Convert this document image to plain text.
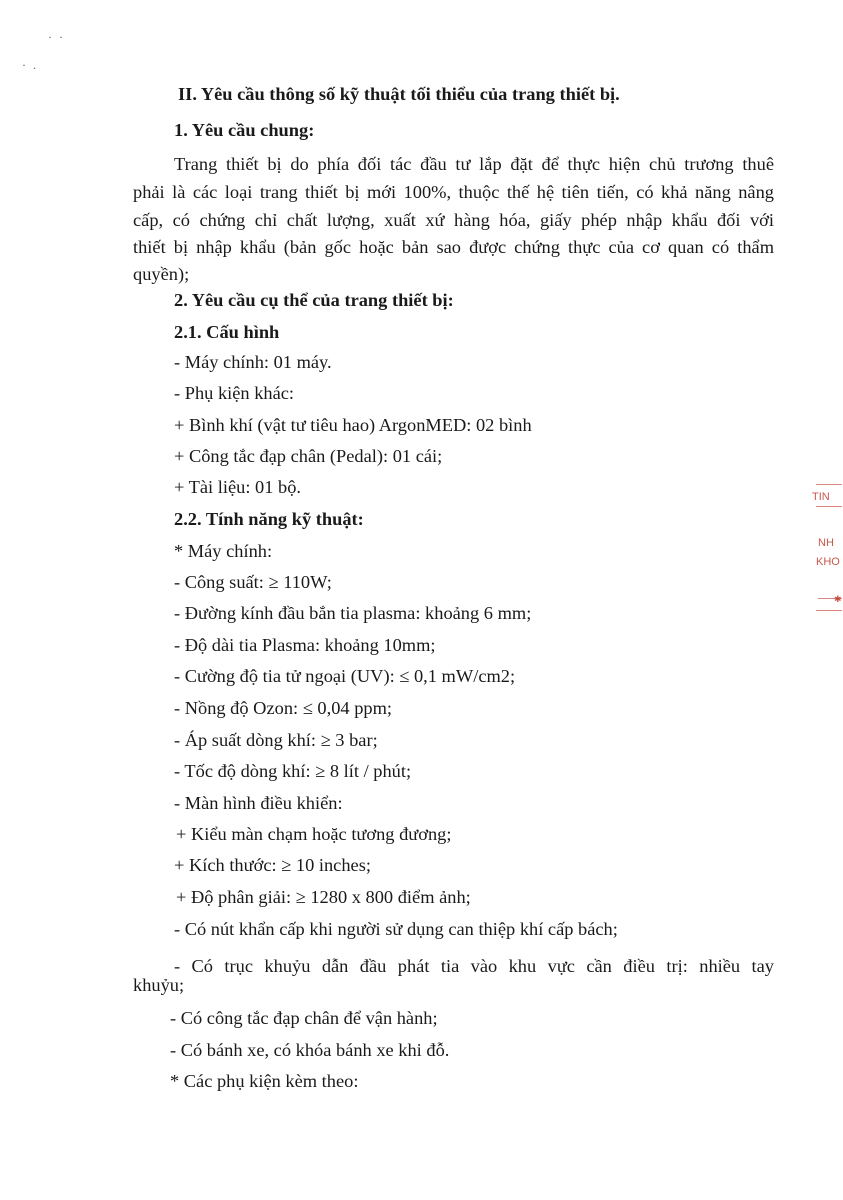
· ·
· .
II. Yêu cầu thông số kỹ thuật tối thiểu của trang thiết bị.
1. Yêu cầu chung:
Trang thiết bị do phía đối tác đầu tư lắp đặt để thực hiện chủ trương thuê
phải là các loại trang thiết bị mới 100%, thuộc thế hệ tiên tiến, có khả năng nâng
cấp, có chứng chỉ chất lượng, xuất xứ hàng hóa, giấy phép nhập khẩu đối với
thiết bị nhập khẩu (bản gốc hoặc bản sao được chứng thực của cơ quan có thẩm
quyền);
2. Yêu cầu cụ thể của trang thiết bị:
2.1. Cấu hình
- Máy chính: 01 máy.
- Phụ kiện khác:
+ Bình khí (vật tư tiêu hao) ArgonMED: 02 bình
+ Công tắc đạp chân (Pedal): 01 cái;
+ Tài liệu: 01 bộ.
2.2. Tính năng kỹ thuật:
* Máy chính:
- Công suất: ≥ 110W;
- Đường kính đầu bắn tia plasma: khoảng 6 mm;
- Độ dài tia Plasma: khoảng 10mm;
- Cường độ tia tử ngoại (UV): ≤ 0,1 mW/cm2;
- Nồng độ Ozon: ≤ 0,04 ppm;
- Áp suất dòng khí: ≥ 3 bar;
- Tốc độ dòng khí: ≥ 8 lít / phút;
- Màn hình điều khiển:
+ Kiểu màn chạm hoặc tương đương;
+ Kích thước: ≥ 10 inches;
+ Độ phân giải: ≥ 1280 x 800 điểm ảnh;
- Có nút khẩn cấp khi người sử dụng can thiệp khí cấp bách;
- Có trục khuỷu dẫn đầu phát tia vào khu vực cần điều trị: nhiều tay
khuỷu;
- Có công tắc đạp chân để vận hành;
- Có bánh xe, có khóa bánh xe khi đỗ.
* Các phụ kiện kèm theo:
TIN
NH
KHO
✱
